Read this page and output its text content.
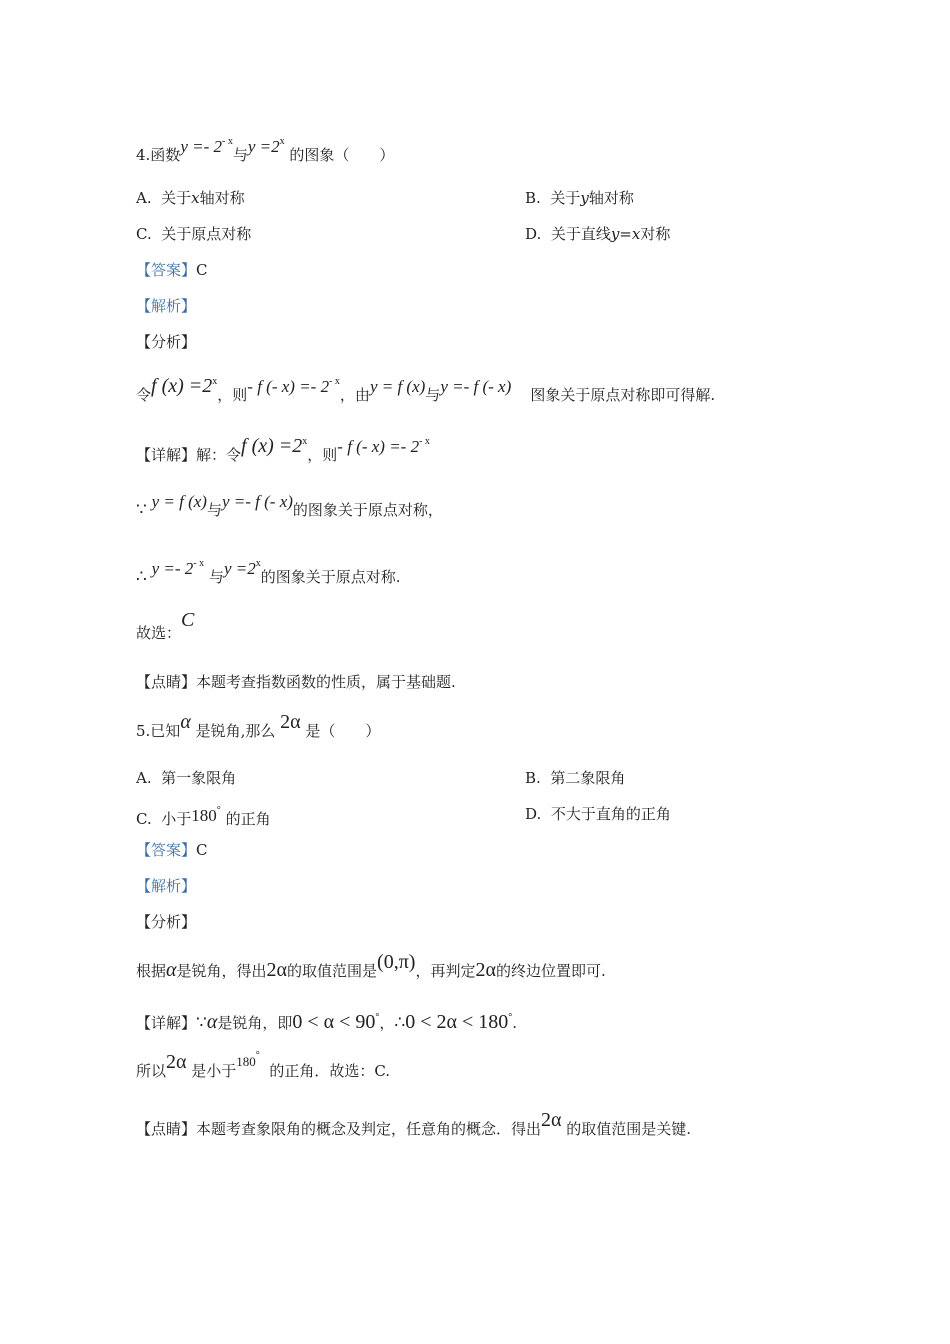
4.函数$y =- 2^{- x}$与$y =2^x$ 的图象（　　）
A. 关于x轴对称	B. 关于y轴对称
C. 关于原点对称	D. 关于直线y=x对称
【答案】C
【解析】
【分析】
令f $(x) =2^x$，则- f (- $x) =- 2^{- x}$，由y = f (x)与y =- f (- x) 图象关于原点对称即可得解.
【详解】解：令f $(x) =2^x$，则- f (- $x) =- 2^{- x}$
∵ y = f (x)与y =- f (- x)的图象关于原点对称，
∴ $y =- 2^{- x}$ 与$y =2^x$的图象关于原点对称.
故选：C
【点睛】本题考查指数函数的性质，属于基础题.
5.已知α 是锐角,那么 2α 是（　　）
A. 第一象限角	B. 第二象限角
C. 小于180° 的正角	D. 不大于直角的正角
【答案】C
【解析】
【分析】
根据α是锐角，得出2α的取值范围是(0,π)，再判定2α的终边位置即可.
【详解】∵α是锐角，即0 < α < 90°，∴0 < 2α < 180°.
所以2α 是小于180°  的正角．故选：C.
【点睛】本题考查象限角的概念及判定，任意角的概念．得出2α 的取值范围是关键.
